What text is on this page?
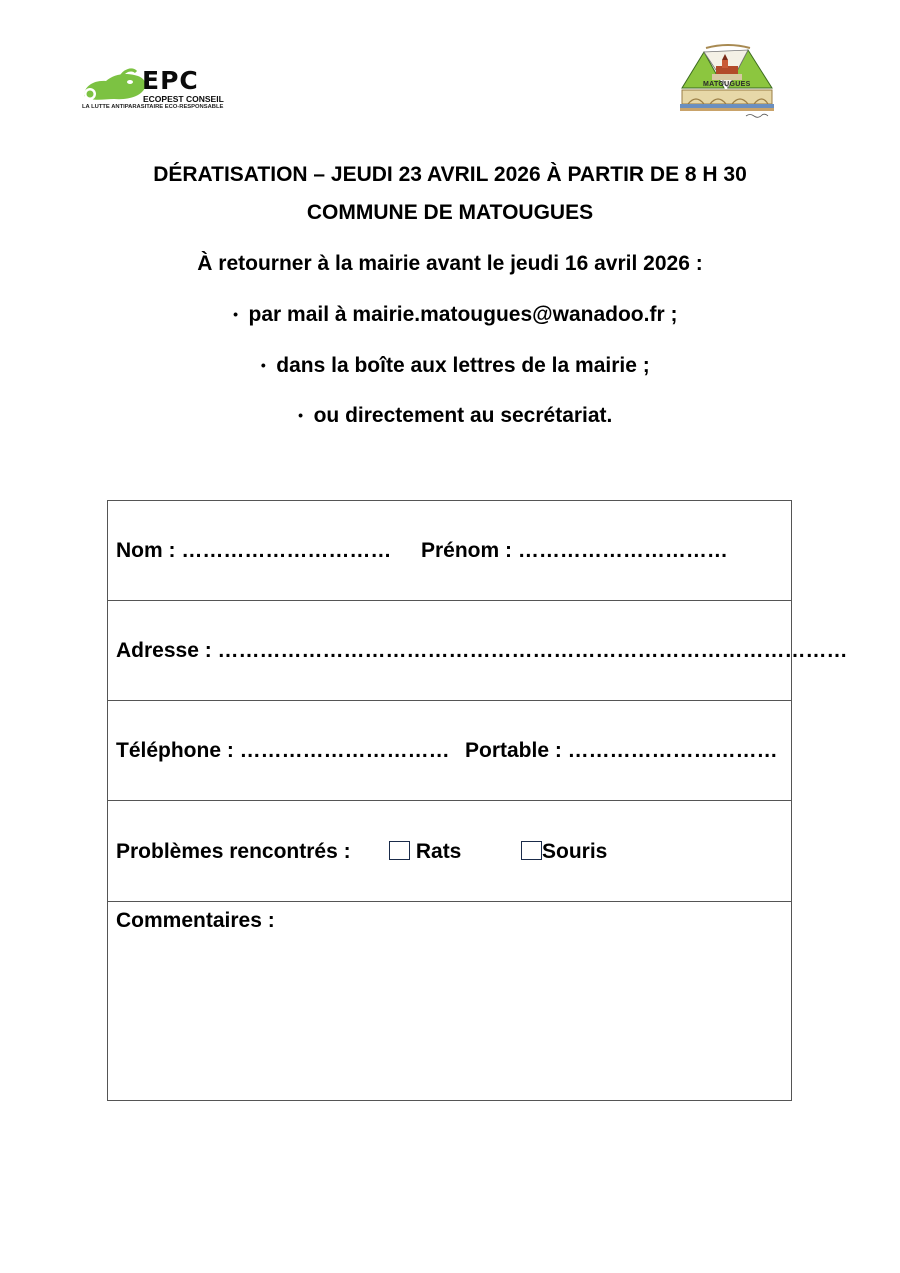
EPC
ECOPEST CONSEIL
LA LUTTE ANTIPARASITAIRE ECO-RESPONSABLE
MATOUGUES
DÉRATISATION – JEUDI 23 AVRIL 2026 À PARTIR DE 8 H 30
COMMUNE DE MATOUGUES
À retourner à la mairie avant le jeudi 16 avril 2026 :
• par mail à mairie.matougues@wanadoo.fr ;
• dans la boîte aux lettres de la mairie ;
• ou directement au secrétariat.
Nom : ………………………… Prénom : …………………………
Adresse : ………………………………………………………………………………
Téléphone : ………………………… Portable : …………………………
Problèmes rencontrés :	Rats	Souris
Commentaires :
